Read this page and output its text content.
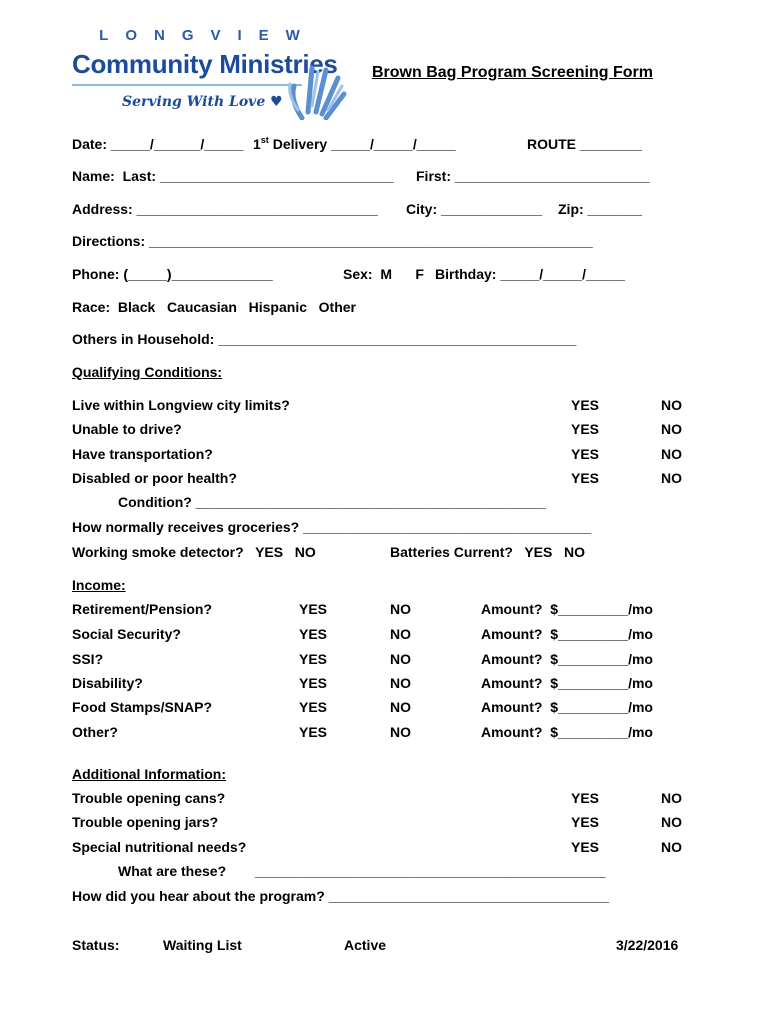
LONGVIEW
Community Ministries
Serving With Love ♥
Brown Bag Program Screening Form
Date: _____/______/_____ 1st Delivery _____/_____/_____	ROUTE ________
Name:  Last: ______________________________ First: _________________________
Address: _______________________________ City: _____________ Zip: _______
Directions: _________________________________________________________
Phone: (_____)_____________	Sex:  M      F Birthday: _____/_____/_____
Race:  Black   Caucasian   Hispanic   Other
Others in Household: ______________________________________________
Qualifying Conditions:
Live within Longview city limits?	YES	NO
Unable to drive?	YES	NO
Have transportation?	YES	NO
Disabled or poor health?	YES	NO
Condition? _____________________________________________
How normally receives groceries? _____________________________________
Working smoke detector?   YES   NO	Batteries Current?   YES   NO
Income:
Retirement/Pension?	YES	NO	Amount?  $_________/mo
Social Security?	YES	NO	Amount?  $_________/mo
SSI?	YES	NO	Amount?  $_________/mo
Disability?	YES	NO	Amount?  $_________/mo
Food Stamps/SNAP?	YES	NO	Amount?  $_________/mo
Other?	YES	NO	Amount?  $_________/mo
Additional Information:
Trouble opening cans?	YES	NO
Trouble opening jars?	YES	NO
Special nutritional needs?	YES	NO
What are these? _____________________________________________
How did you hear about the program? ____________________________________
Status:	Waiting List	Active	3/22/2016
